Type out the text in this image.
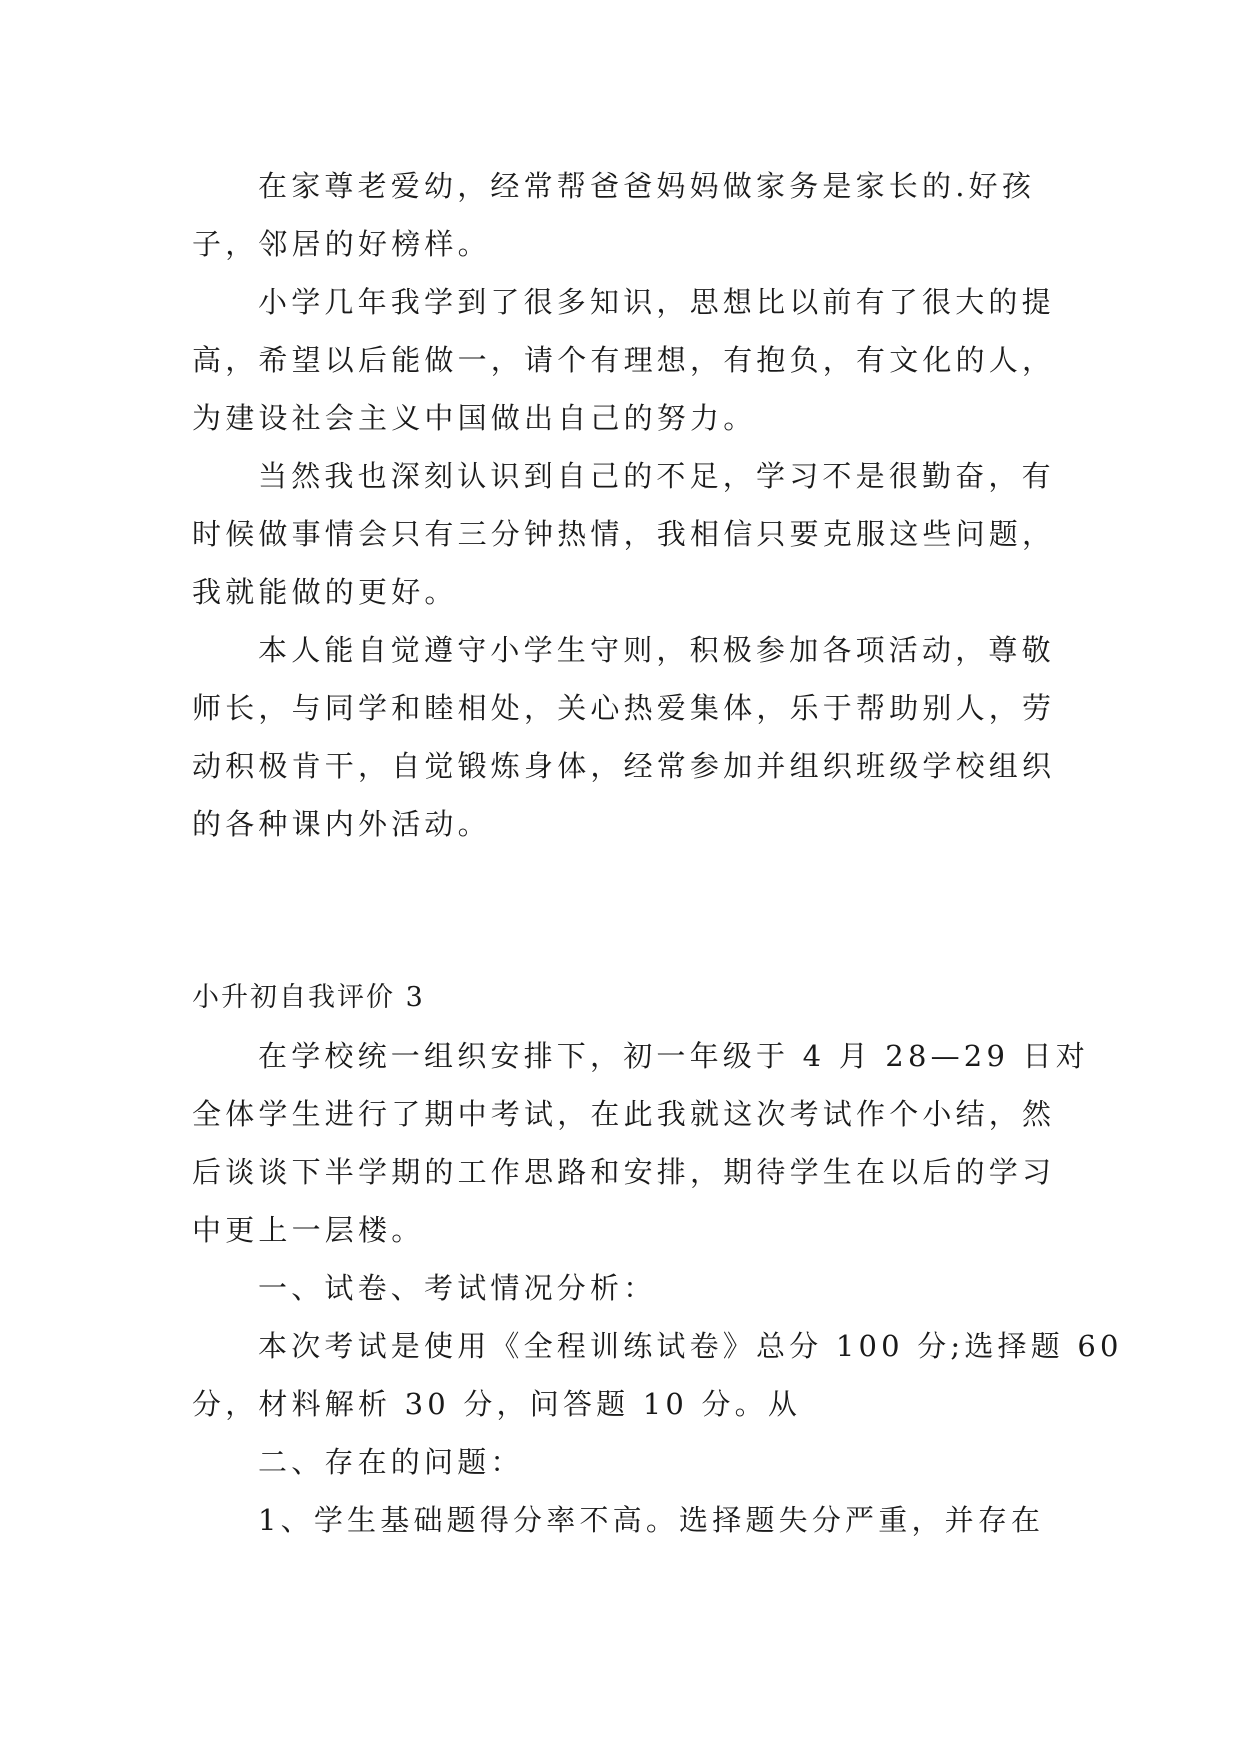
在家尊老爱幼，经常帮爸爸妈妈做家务是家长的.好孩
子，邻居的好榜样。
小学几年我学到了很多知识，思想比以前有了很大的提
高，希望以后能做一，请个有理想，有抱负，有文化的人，
为建设社会主义中国做出自己的努力。
当然我也深刻认识到自己的不足，学习不是很勤奋，有
时候做事情会只有三分钟热情，我相信只要克服这些问题，
我就能做的更好。
本人能自觉遵守小学生守则，积极参加各项活动，尊敬
师长，与同学和睦相处，关心热爱集体，乐于帮助别人，劳
动积极肯干，自觉锻炼身体，经常参加并组织班级学校组织
的各种课内外活动。
小升初自我评价 3
在学校统一组织安排下，初一年级于 4 月 28—29 日对
全体学生进行了期中考试，在此我就这次考试作个小结，然
后谈谈下半学期的工作思路和安排，期待学生在以后的学习
中更上一层楼。
一、试卷、考试情况分析：
本次考试是使用《全程训练试卷》总分 100 分;选择题 60
分，材料解析 30 分，问答题 10 分。从
二、存在的问题：
1、学生基础题得分率不高。选择题失分严重，并存在
